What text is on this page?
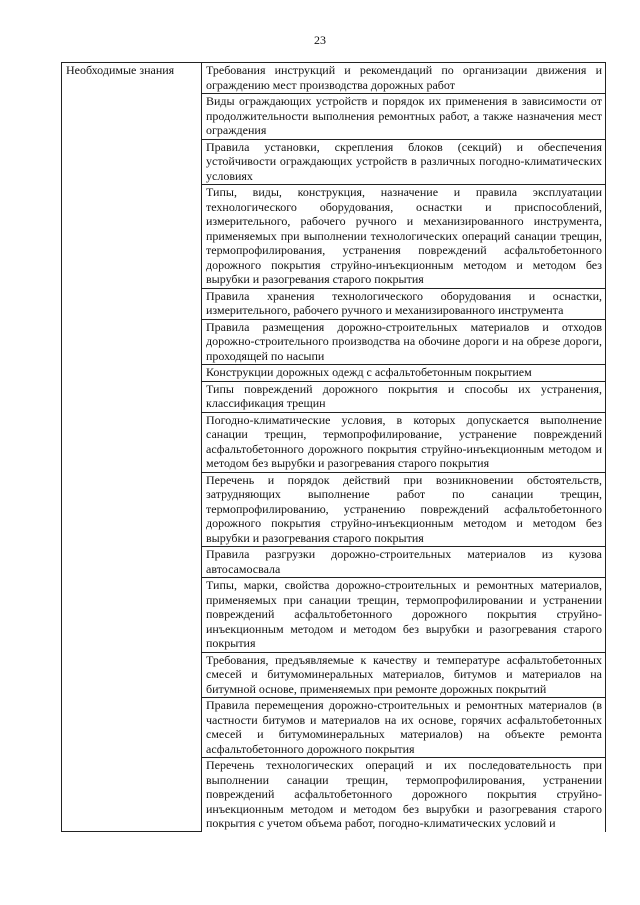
23
Необходимые знания	Требования инструкций и рекомендаций по организации движения и ограждению мест производства дорожных работ
Виды ограждающих устройств и порядок их применения в зависимости от продолжительности выполнения ремонтных работ, а также назначения мест ограждения
Правила установки, скрепления блоков (секций) и обеспечения устойчивости ограждающих устройств в различных погодно-климатических условиях
Типы, виды, конструкция, назначение и правила эксплуатации технологического оборудования, оснастки и приспособлений, измерительного, рабочего ручного и механизированного инструмента, применяемых при выполнении технологических операций санации трещин, термопрофилирования, устранения повреждений асфальтобетонного дорожного покрытия струйно-инъекционным методом и методом без вырубки и разогревания старого покрытия
Правила хранения технологического оборудования и оснастки, измерительного, рабочего ручного и механизированного инструмента
Правила размещения дорожно-строительных материалов и отходов дорожно-строительного производства на обочине дороги и на обрезе дороги, проходящей по насыпи
Конструкции дорожных одежд с асфальтобетонным покрытием
Типы повреждений дорожного покрытия и способы их устранения, классификация трещин
Погодно-климатические условия, в которых допускается выполнение санации трещин, термопрофилирование, устранение повреждений асфальтобетонного дорожного покрытия струйно-инъекционным методом и методом без вырубки и разогревания старого покрытия
Перечень и порядок действий при возникновении обстоятельств, затрудняющих выполнение работ по санации трещин, термопрофилированию, устранению повреждений асфальтобетонного дорожного покрытия струйно-инъекционным методом и методом без вырубки и разогревания старого покрытия
Правила разгрузки дорожно-строительных материалов из кузова автосамосвала
Типы, марки, свойства дорожно-строительных и ремонтных материалов, применяемых при санации трещин, термопрофилировании и устранении повреждений асфальтобетонного дорожного покрытия струйно-инъекционным методом и методом без вырубки и разогревания старого покрытия
Требования, предъявляемые к качеству и температуре асфальтобетонных смесей и битумоминеральных материалов, битумов и материалов на битумной основе, применяемых при ремонте дорожных покрытий
Правила перемещения дорожно-строительных и ремонтных материалов (в частности битумов и материалов на их основе, горячих асфальтобетонных смесей и битумоминеральных материалов) на объекте ремонта асфальтобетонного дорожного покрытия
Перечень технологических операций и их последовательность при выполнении санации трещин, термопрофилирования, устранении повреждений асфальтобетонного дорожного покрытия струйно-инъекционным методом и методом без вырубки и разогревания старого покрытия с учетом объема работ, погодно-климатических условий и
